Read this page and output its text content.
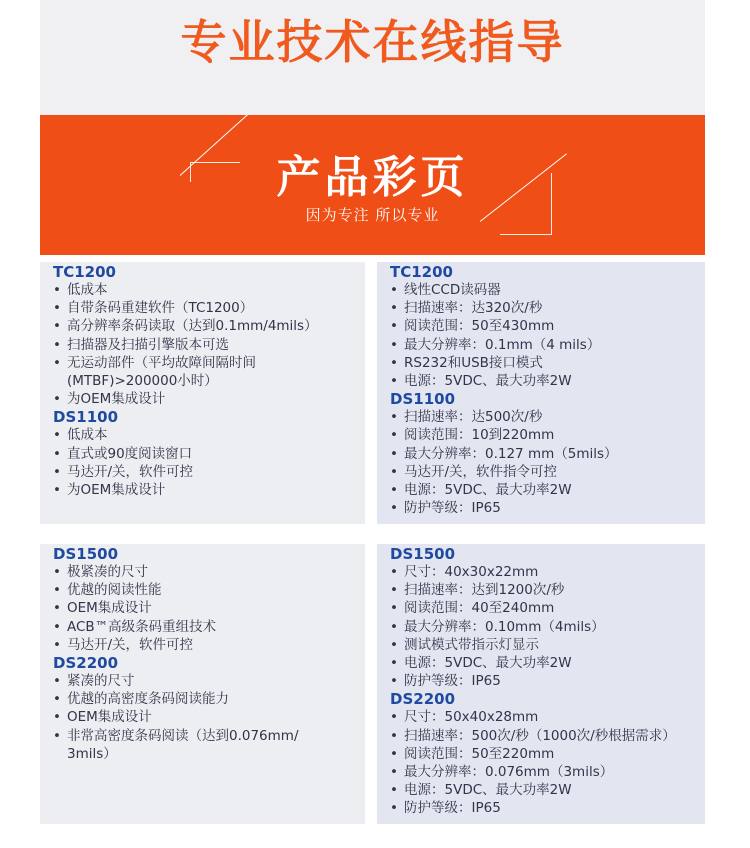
专业技术在线指导
产品彩页
因为专注 所以专业
TC1200
• 低成本
• 自带条码重建软件（TC1200）
• 高分辨率条码读取（达到0.1mm/4mils）
• 扫描器及扫描引擎版本可选
• 无运动部件（平均故障间隔时间
(MTBF)>200000小时）
• 为OEM集成设计
DS1100
• 低成本
• 直式或90度阅读窗口
• 马达开/关，软件可控
• 为OEM集成设计
TC1200
• 线性CCD读码器
• 扫描速率：达320次/秒
• 阅读范围：50至430mm
• 最大分辨率：0.1mm（4 mils）
• RS232和USB接口模式
• 电源：5VDC、最大功率2W
DS1100
• 扫描速率：达500次/秒
• 阅读范围：10到220mm
• 最大分辨率：0.127 mm（5mils）
• 马达开/关，软件指令可控
• 电源：5VDC、最大功率2W
• 防护等级：IP65
DS1500
• 极紧凑的尺寸
• 优越的阅读性能
• OEM集成设计
• ACB™高级条码重组技术
• 马达开/关，软件可控
DS2200
• 紧凑的尺寸
• 优越的高密度条码阅读能力
• OEM集成设计
• 非常高密度条码阅读（达到0.076mm/
3mils）
DS1500
• 尺寸：40x30x22mm
• 扫描速率：达到1200次/秒
• 阅读范围：40至240mm
• 最大分辨率：0.10mm（4mils）
• 测试模式带指示灯显示
• 电源：5VDC、最大功率2W
• 防护等级：IP65
DS2200
• 尺寸：50x40x28mm
• 扫描速率：500次/秒（1000次/秒根据需求）
• 阅读范围：50至220mm
• 最大分辨率：0.076mm（3mils）
• 电源：5VDC、最大功率2W
• 防护等级：IP65
